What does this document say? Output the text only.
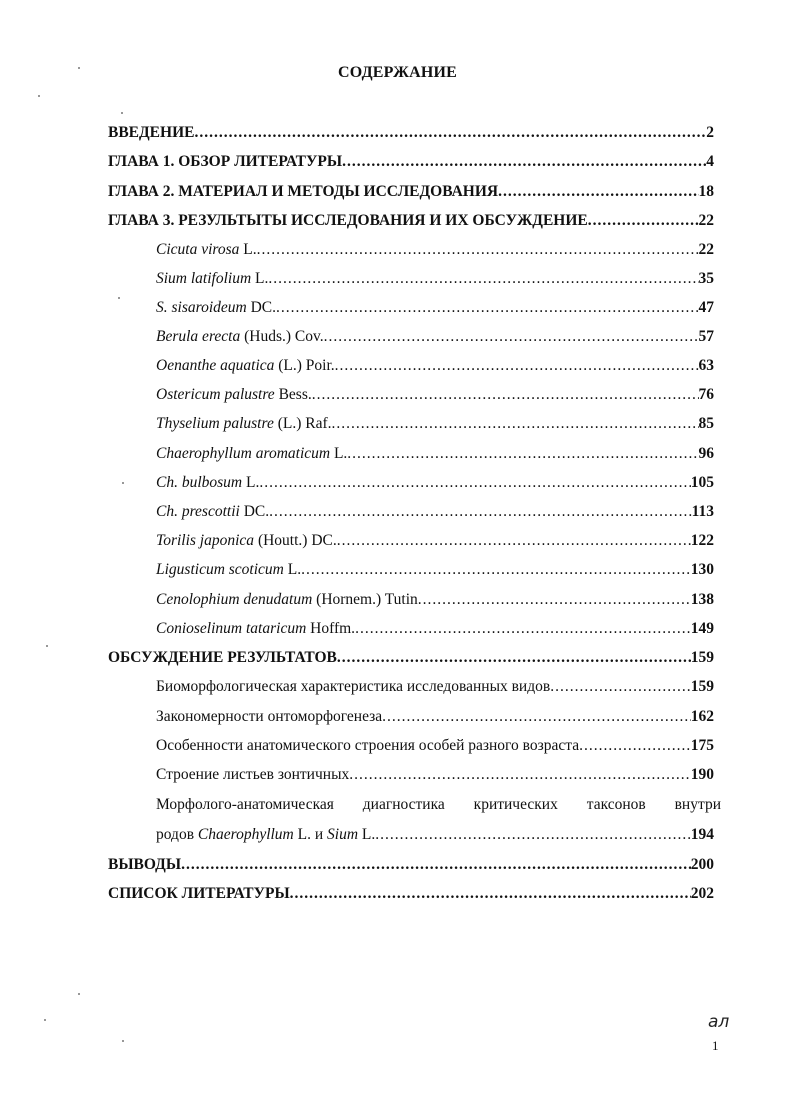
СОДЕРЖАНИЕ
ВВЕДЕНИЕ .....	2
ГЛАВА 1. ОБЗОР ЛИТЕРАТУРЫ .....	4
ГЛАВА 2. МАТЕРИАЛ И МЕТОДЫ ИССЛЕДОВАНИЯ .....	18
ГЛАВА 3. РЕЗУЛЬТЫТЫ ИССЛЕДОВАНИЯ И ИХ ОБСУЖДЕНИЕ .....	22
Cicuta virosa L. .....	22
Sium latifolium L. .....	35
S. sisaroideum DC. .....	47
Berula erecta (Huds.) Cov. .....	57
Oenanthe aquatica (L.) Poir. .....	63
Ostericum palustre Bess. .....	76
Thyselium palustre (L.) Raf. .....	85
Chaerophyllum aromaticum L. .....	96
Ch. bulbosum L. .....	105
Ch. prescottii DC. .....	113
Torilis japonica (Houtt.) DC. .....	122
Ligusticum scoticum L. .....	130
Cenolophium denudatum (Hornem.) Tutin .....	138
Conioselinum tataricum Hoffm. .....	149
ОБСУЖДЕНИЕ РЕЗУЛЬТАТОВ .....	159
Биоморфологическая характеристика исследованных видов .....	159
Закономерности онтоморфогенеза .....	162
Особенности анатомического строения особей разного возраста .....	175
Строение листьев зонтичных .....	190
Морфолого-анатомическая диагностика критических таксонов внутри
родов Chaerophyllum L. и Sium L. .....	194
ВЫВОДЫ .....	200
СПИСОК ЛИТЕРАТУРЫ .....	202
ал
1
